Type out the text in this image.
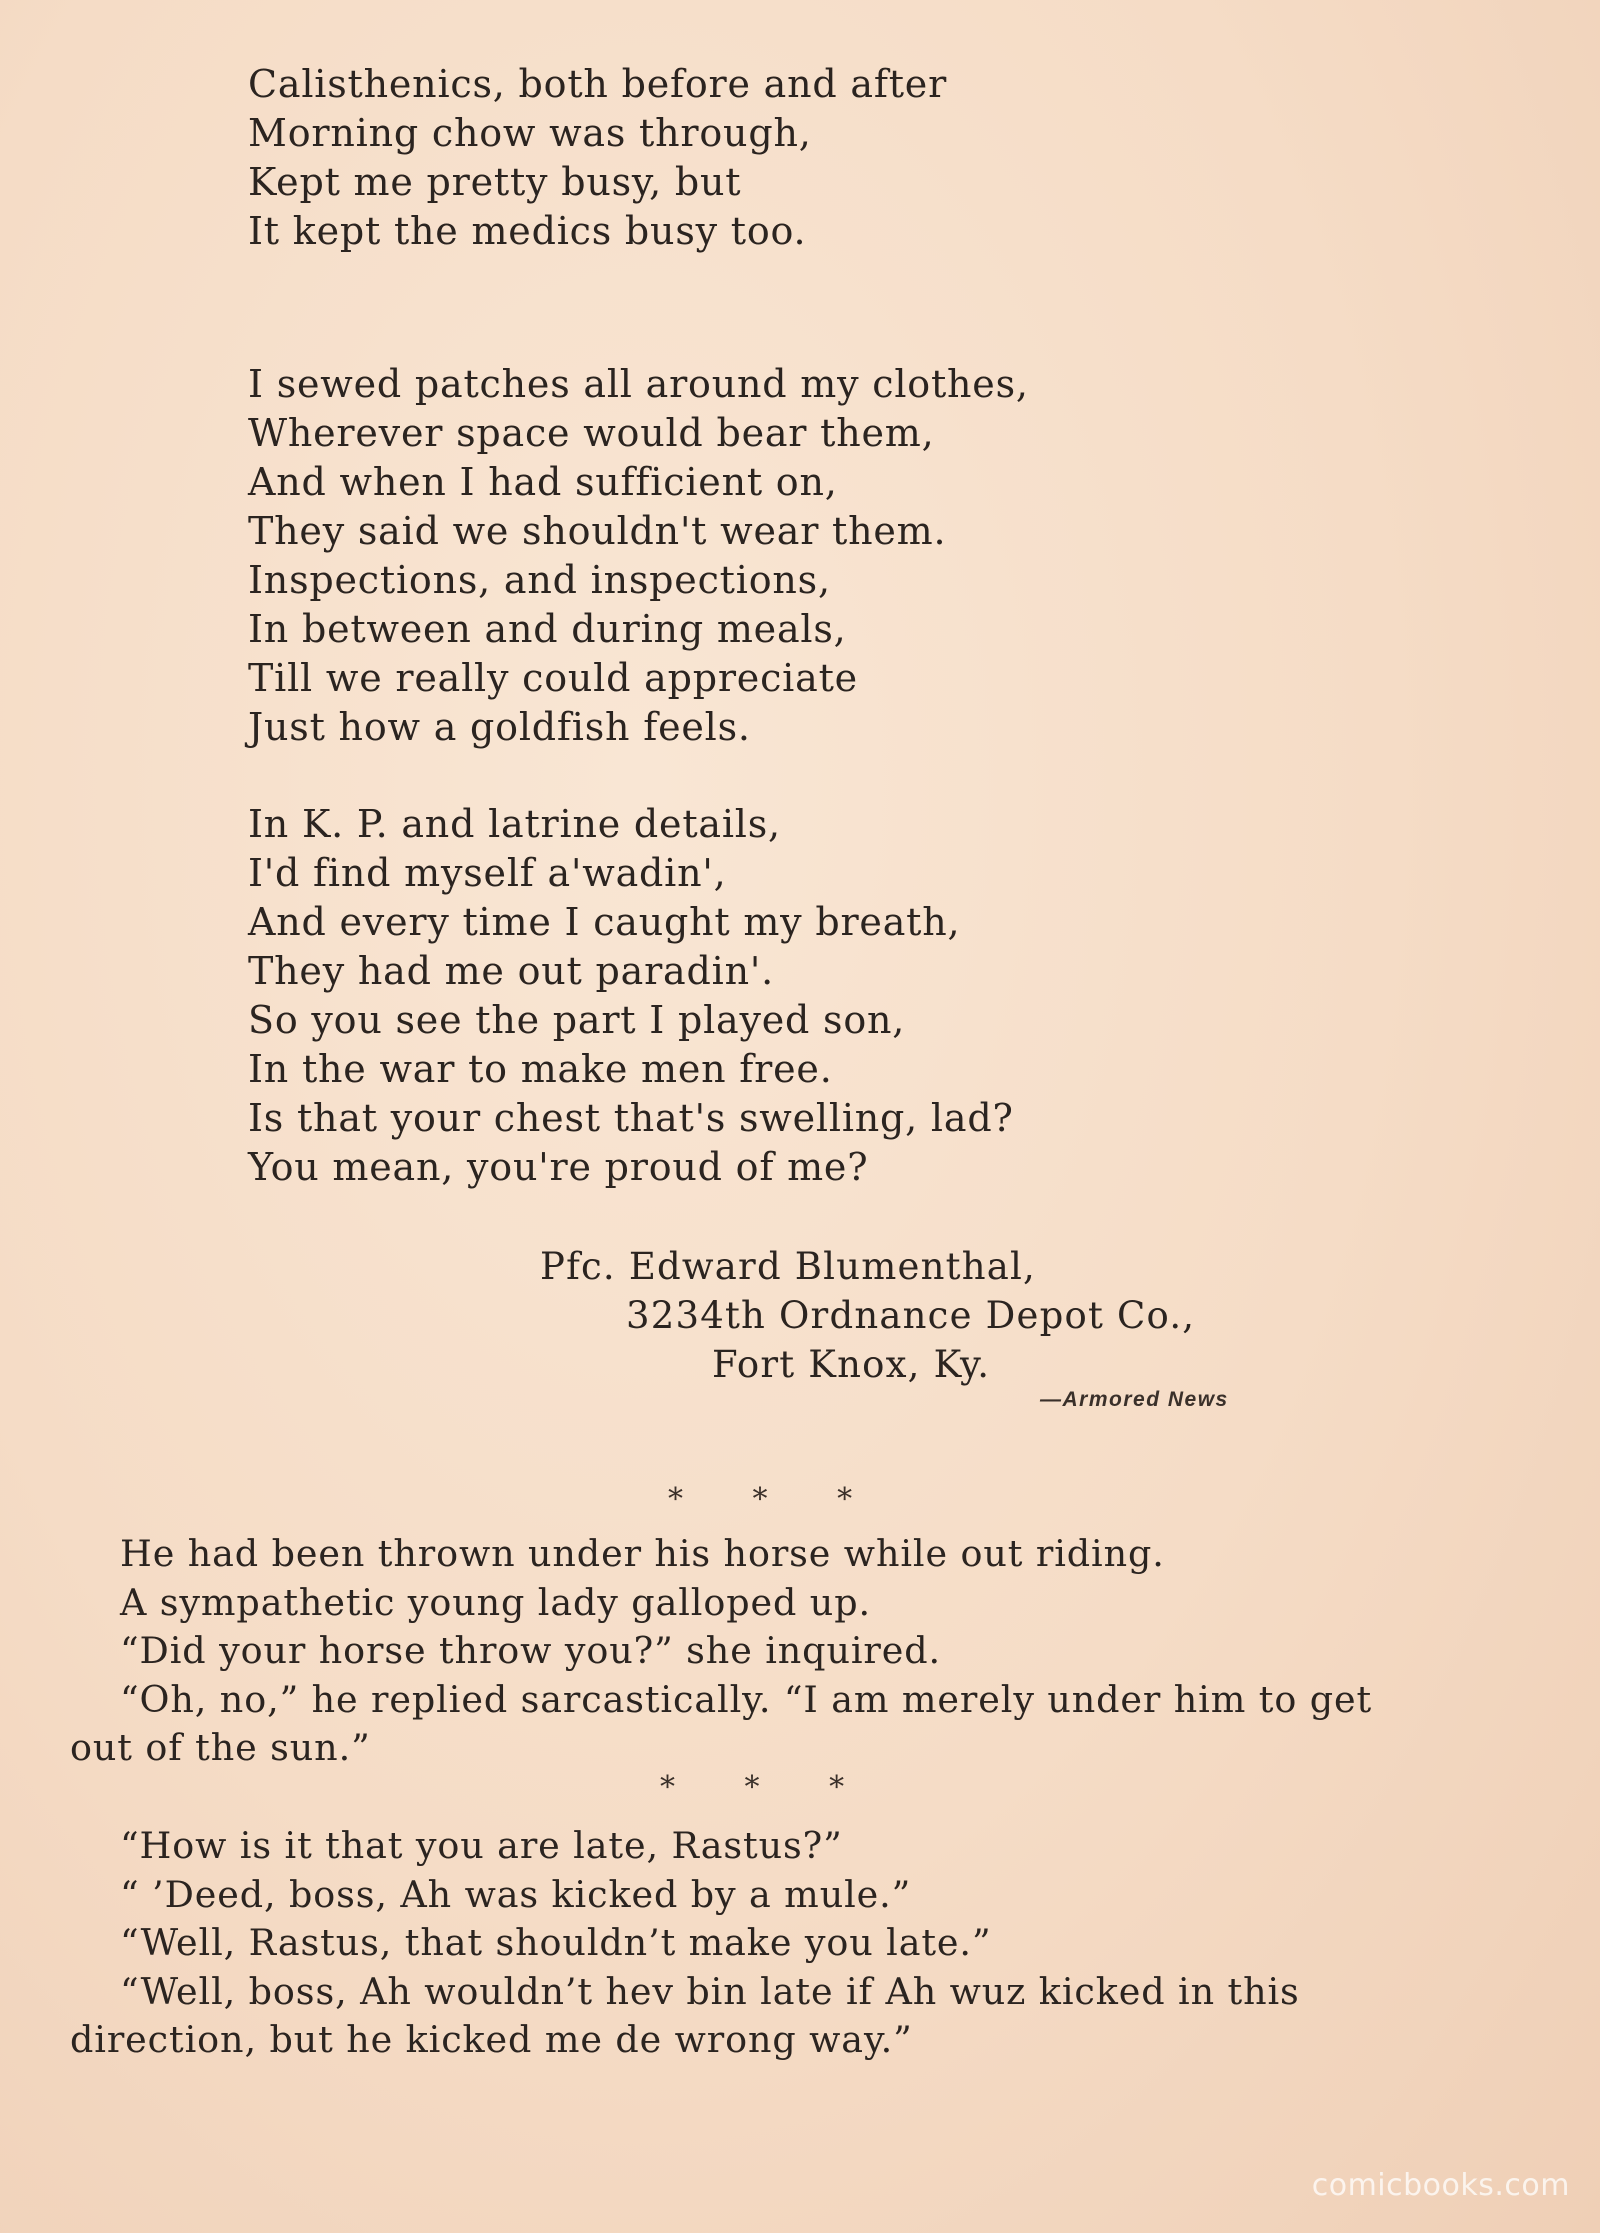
Calisthenics, both before and after
Morning chow was through,
Kept me pretty busy, but
It kept the medics busy too.
I sewed patches all around my clothes,
Wherever space would bear them,
And when I had sufficient on,
They said we shouldn't wear them.
Inspections, and inspections,
In between and during meals,
Till we really could appreciate
Just how a goldfish feels.
In K. P. and latrine details,
I'd find myself a'wadin',
And every time I caught my breath,
They had me out paradin'.
So you see the part I played son,
In the war to make men free.
Is that your chest that's swelling, lad?
You mean, you're proud of me?
Pfc. Edward Blumenthal,
3234th Ordnance Depot Co.,
Fort Knox, Ky.
—Armored News
* * *
He had been thrown under his horse while out riding.
A sympathetic young lady galloped up.
“Did your horse throw you?” she inquired.
“Oh, no,” he replied sarcastically. “I am merely under him to get
out of the sun.”
* * *
“How is it that you are late, Rastus?”
“ ’Deed, boss, Ah was kicked by a mule.”
“Well, Rastus, that shouldn’t make you late.”
“Well, boss, Ah wouldn’t hev bin late if Ah wuz kicked in this
direction, but he kicked me de wrong way.”
comicbooks.com
